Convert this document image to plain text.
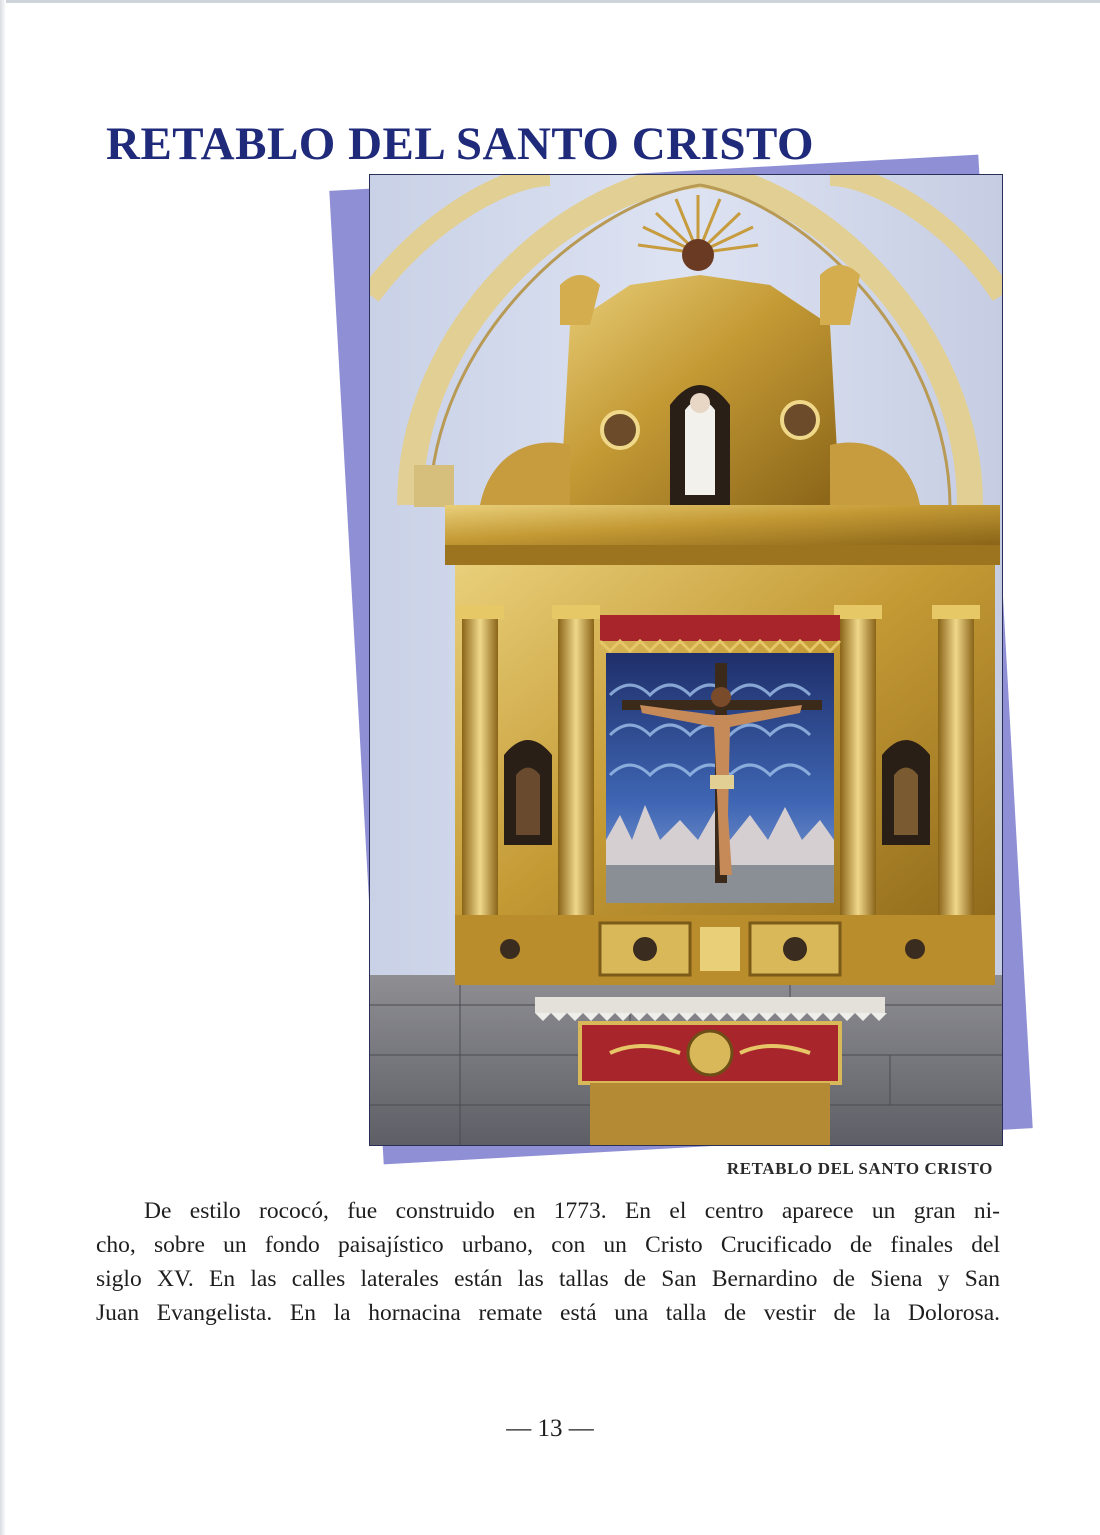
RETABLO DEL SANTO CRISTO
RETABLO DEL SANTO CRISTO
De estilo rococó, fue construido en 1773. En el centro aparece un gran ni-
cho, sobre un fondo paisajístico urbano, con un Cristo Crucificado de finales del
siglo XV. En las calles laterales están las tallas de San Bernardino de Siena y San
Juan Evangelista. En la hornacina remate está una talla de vestir de la Dolorosa.
— 13 —
